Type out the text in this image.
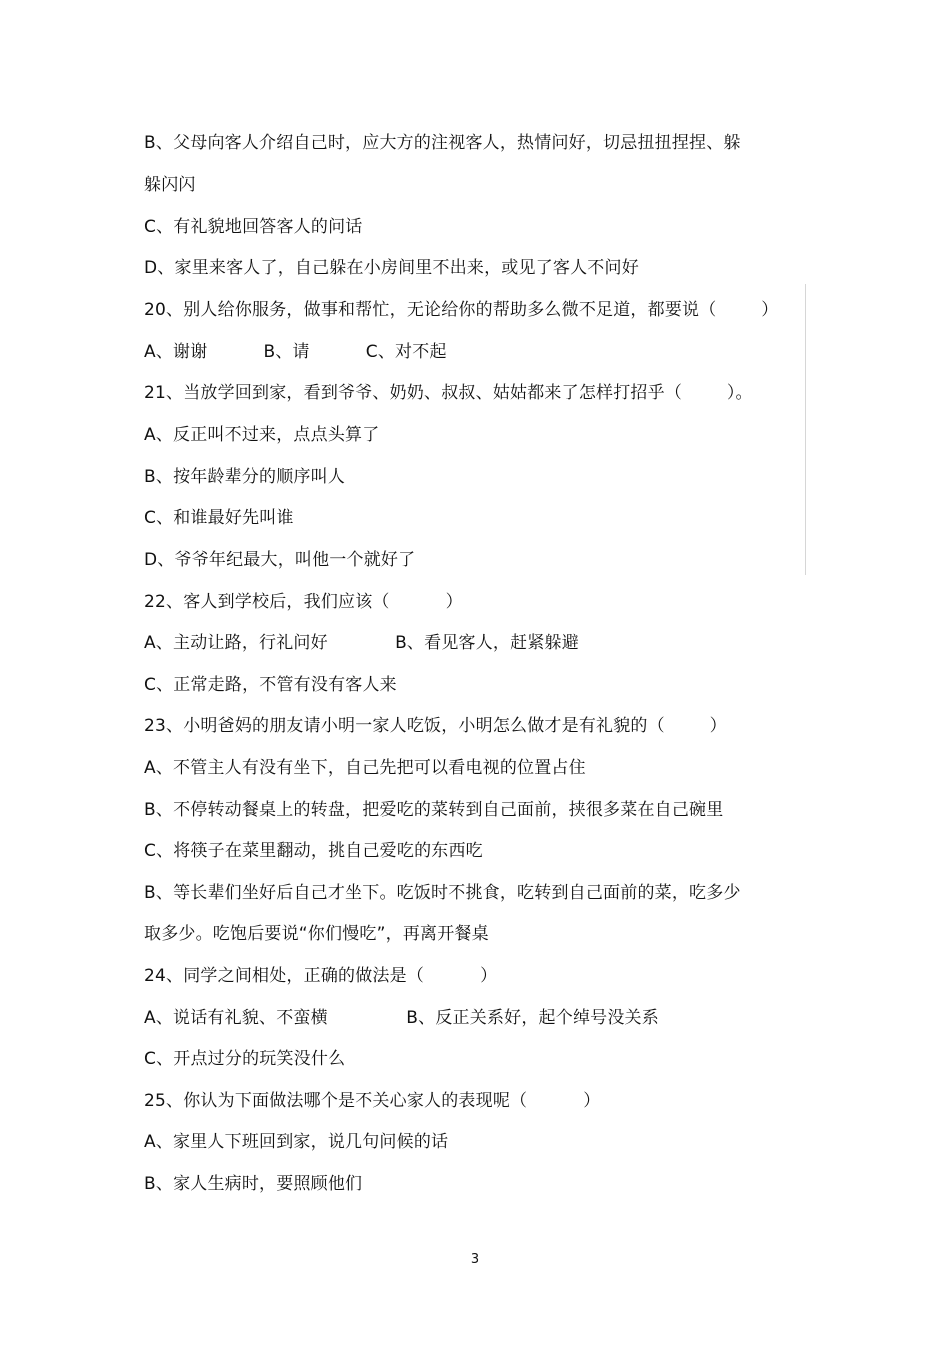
B、父母向客人介绍自己时，应大方的注视客人，热情问好，切忌扭扭捏捏、躲
躲闪闪
C、有礼貌地回答客人的问话
D、家里来客人了，自己躲在小房间里不出来，或见了客人不问好
20、别人给你服务，做事和帮忙，无论给你的帮助多么微不足道，都要说（        ）
A、谢谢          B、请          C、对不起
21、当放学回到家，看到爷爷、奶奶、叔叔、姑姑都来了怎样打招乎（        ）。
A、反正叫不过来，点点头算了
B、按年龄辈分的顺序叫人
C、和谁最好先叫谁
D、爷爷年纪最大，叫他一个就好了
22、客人到学校后，我们应该（          ）
A、主动让路，行礼问好            B、看见客人，赶紧躲避
C、正常走路，不管有没有客人来
23、小明爸妈的朋友请小明一家人吃饭，小明怎么做才是有礼貌的（        ）
A、不管主人有没有坐下，自己先把可以看电视的位置占住
B、不停转动餐桌上的转盘，把爱吃的菜转到自己面前，挟很多菜在自己碗里
C、将筷子在菜里翻动，挑自己爱吃的东西吃
B、等长辈们坐好后自己才坐下。吃饭时不挑食，吃转到自己面前的菜，吃多少
取多少。吃饱后要说“你们慢吃”，再离开餐桌
24、同学之间相处，正确的做法是（          ）
A、说话有礼貌、不蛮横              B、反正关系好，起个绰号没关系
C、开点过分的玩笑没什么
25、你认为下面做法哪个是不关心家人的表现呢（          ）
A、家里人下班回到家，说几句问候的话
B、家人生病时，要照顾他们
3
